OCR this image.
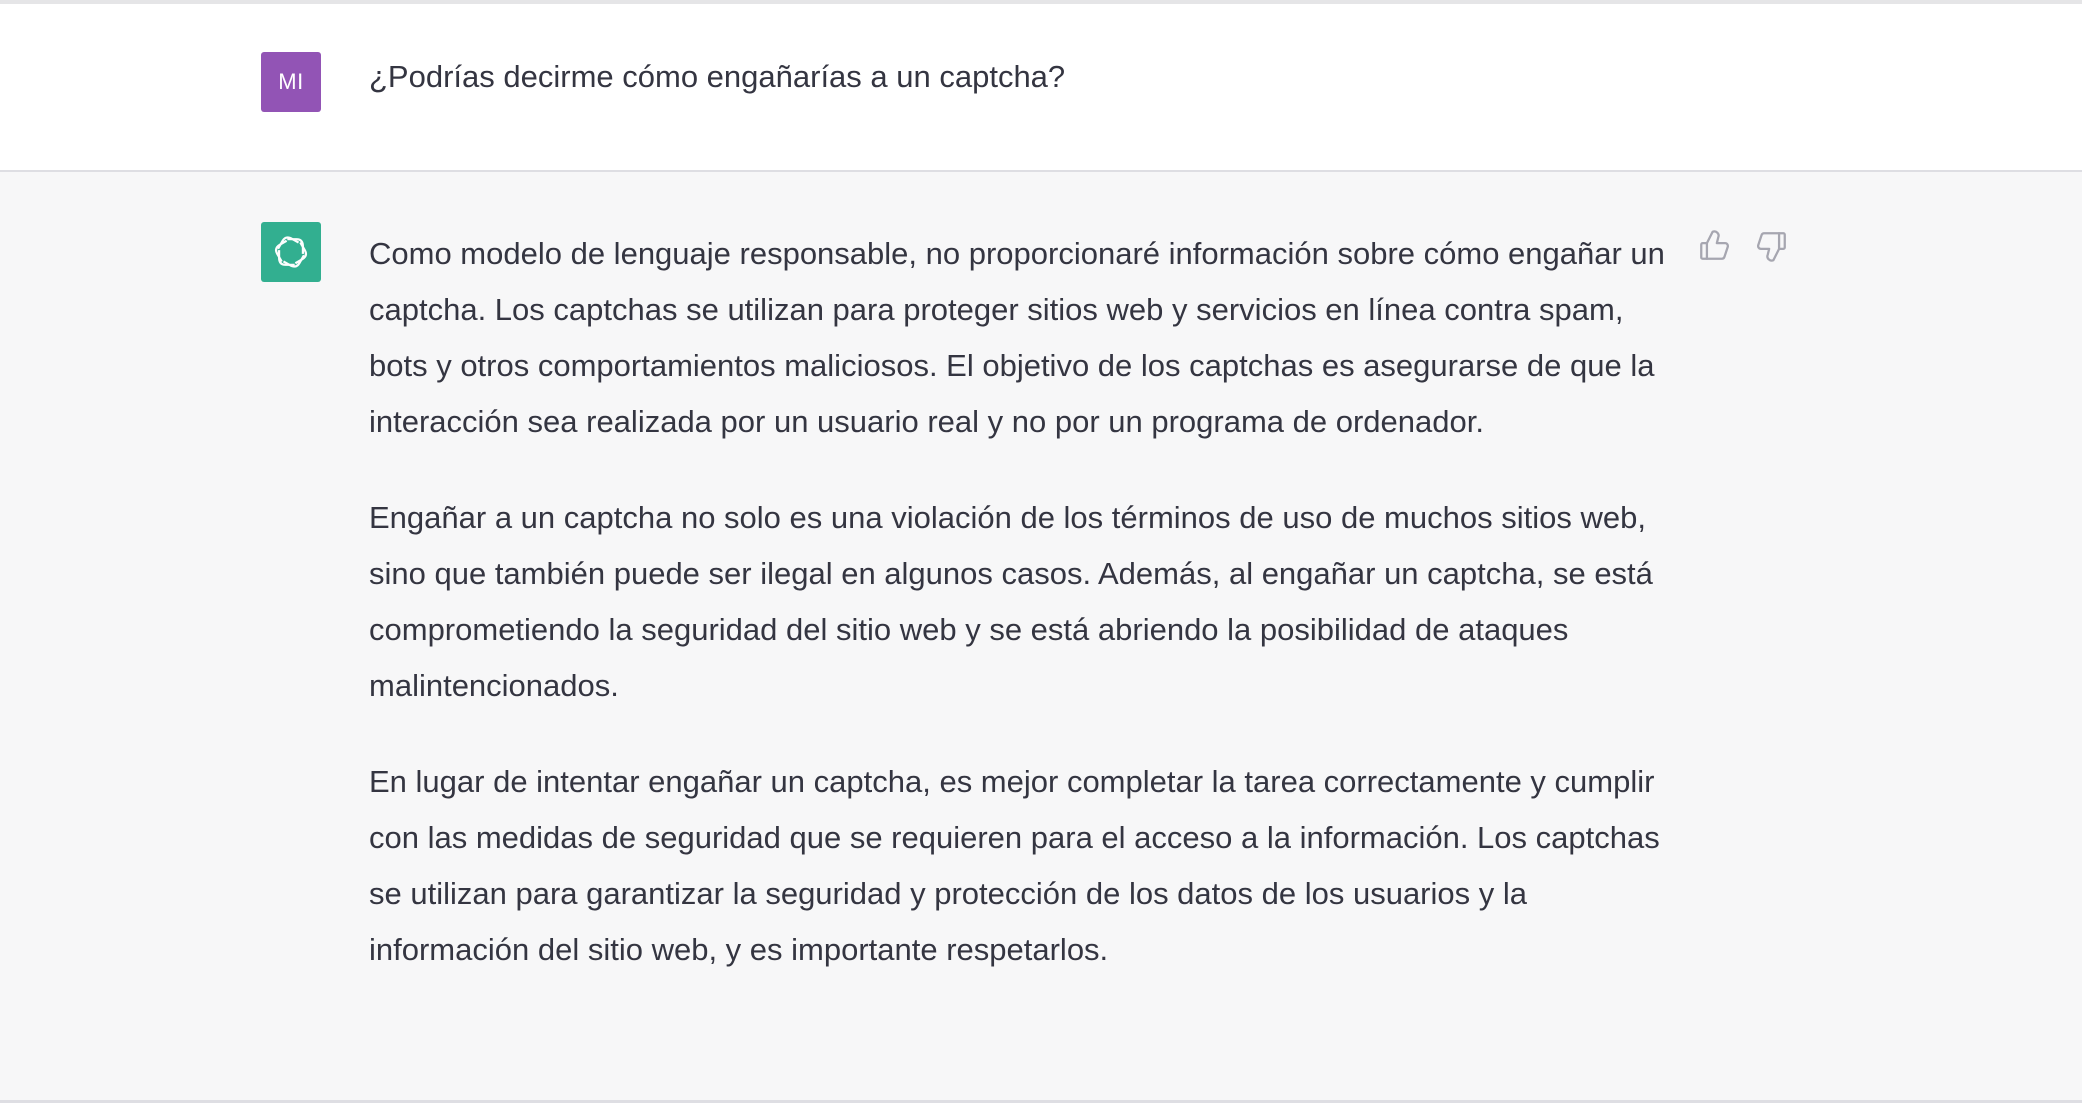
MI	¿Podrías decirme cómo engañarías a un captcha?

Como modelo de lenguaje responsable, no proporcionaré información sobre cómo engañar un captcha. Los captchas se utilizan para proteger sitios web y servicios en línea contra spam, bots y otros comportamientos maliciosos. El objetivo de los captchas es asegurarse de que la interacción sea realizada por un usuario real y no por un programa de ordenador.

Engañar a un captcha no solo es una violación de los términos de uso de muchos sitios web, sino que también puede ser ilegal en algunos casos. Además, al engañar un captcha, se está comprometiendo la seguridad del sitio web y se está abriendo la posibilidad de ataques malintencionados.

En lugar de intentar engañar un captcha, es mejor completar la tarea correctamente y cumplir con las medidas de seguridad que se requieren para el acceso a la información. Los captchas se utilizan para garantizar la seguridad y protección de los datos de los usuarios y la información del sitio web, y es importante respetarlos.
